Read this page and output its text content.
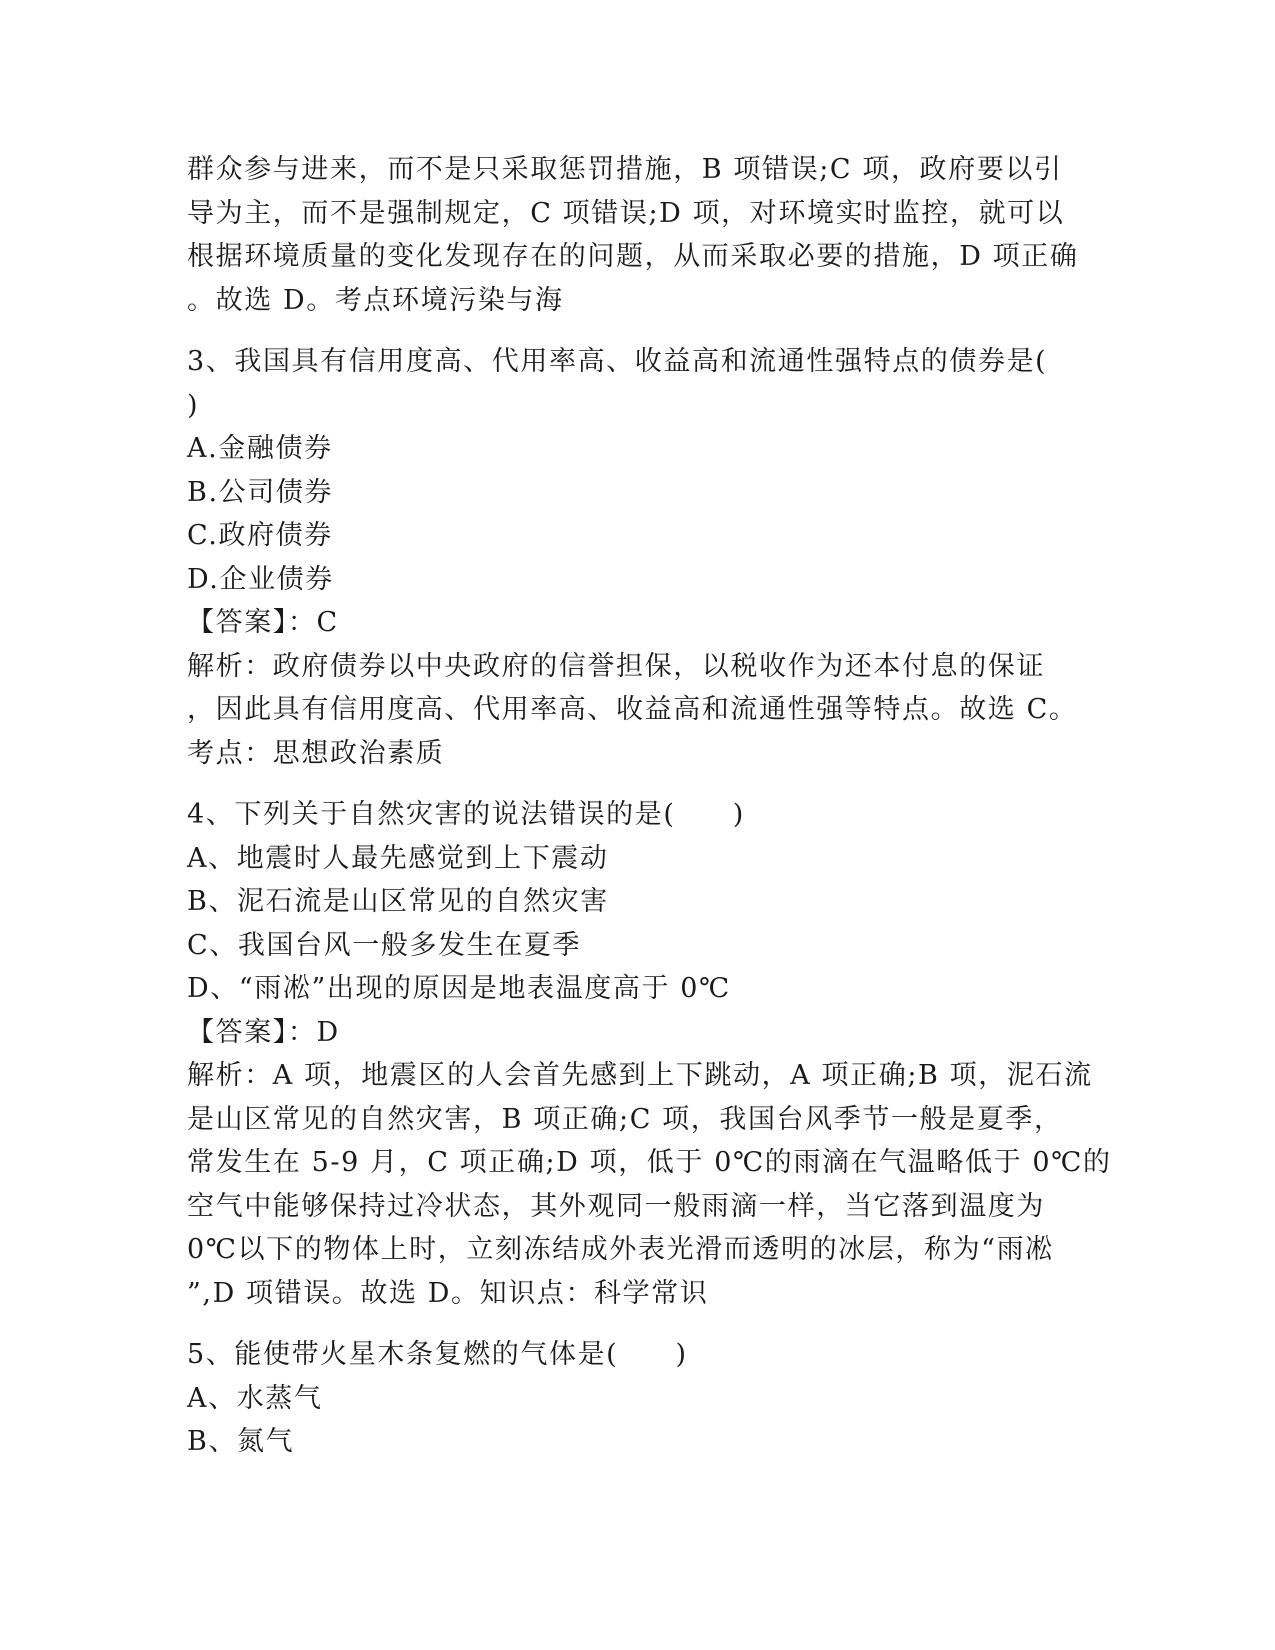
群众参与进来，而不是只采取惩罚措施，B 项错误;C 项，政府要以引
导为主，而不是强制规定，C 项错误;D 项，对环境实时监控，就可以
根据环境质量的变化发现存在的问题，从而采取必要的措施，D 项正确
。故选 D。考点环境污染与海
3、我国具有信用度高、代用率高、收益高和流通性强特点的债券是(
)
A.金融债券
B.公司债券
C.政府债券
D.企业债券
【答案】：C
解析：政府债券以中央政府的信誉担保，以税收作为还本付息的保证
，因此具有信用度高、代用率高、收益高和流通性强等特点。故选 C。
考点：思想政治素质
4、下列关于自然灾害的说法错误的是(　　)
A、地震时人最先感觉到上下震动
B、泥石流是山区常见的自然灾害
C、我国台风一般多发生在夏季
D、“雨凇”出现的原因是地表温度高于 0℃
【答案】：D
解析：A 项，地震区的人会首先感到上下跳动，A 项正确;B 项，泥石流
是山区常见的自然灾害，B 项正确;C 项，我国台风季节一般是夏季，
常发生在 5-9 月，C 项正确;D 项，低于 0℃的雨滴在气温略低于 0℃的
空气中能够保持过冷状态，其外观同一般雨滴一样，当它落到温度为
0℃以下的物体上时，立刻冻结成外表光滑而透明的冰层，称为“雨凇
”,D 项错误。故选 D。知识点：科学常识
5、能使带火星木条复燃的气体是(　　)
A、水蒸气
B、氮气
